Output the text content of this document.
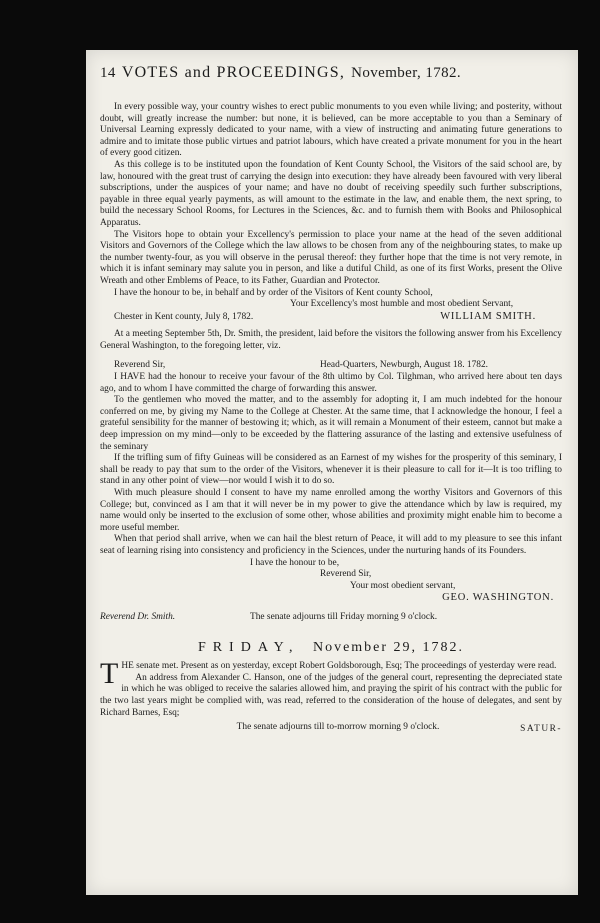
14 VOTES and PROCEEDINGS, November, 1782.

In every possible way, your country wishes to erect public monuments to you even while living; and posterity, without doubt, will greatly increase the number: but none, it is believed, can be more acceptable to you than a Seminary of Universal Learning expressly dedicated to your name, with a view of instructing and animating future generations to admire and to imitate those public virtues and patriot labours, which have created a private monument for you in the heart of every good citizen.

As this college is to be instituted upon the foundation of Kent County School, the Visitors of the said school are, by law, honoured with the great trust of carrying the design into execution: they have already been favoured with very liberal subscriptions, under the auspices of your name; and have no doubt of receiving speedily such further subscriptions, payable in three equal yearly payments, as will amount to the estimate in the law, and enable them, the next spring, to build the necessary School Rooms, for Lectures in the Sciences, &c. and to furnish them with Books and Philosophical Apparatus.

The Visitors hope to obtain your Excellency's permission to place your name at the head of the seven additional Visitors and Governors of the College which the law allows to be chosen from any of the neighbouring states, to make up the number twenty-four, as you will observe in the perusal thereof: they further hope that the time is not very remote, in which it is infant seminary may salute you in person, and like a dutiful Child, as one of its first Works, present the Olive Wreath and other Emblems of Peace, to its Father, Guardian and Protector.

I have the honour to be, in behalf and by order of the Visitors of Kent county School,

Your Excellency's most humble and most obedient Servant,

Chester in Kent county, July 8, 1782.	WILLIAM SMITH.

At a meeting September 5th, Dr. Smith, the president, laid before the visitors the following answer from his Excellency General Washington, to the foregoing letter, viz.

Head-Quarters, Newburgh, August 18. 1782.

Reverend Sir,

I HAVE had the honour to receive your favour of the 8th ultimo by Col. Tilghman, who arrived here about ten days ago, and to whom I have committed the charge of forwarding this answer.

To the gentlemen who moved the matter, and to the assembly for adopting it, I am much indebted for the honour conferred on me, by giving my Name to the College at Chester. At the same time, that I acknowledge the honour, I feel a grateful sensibility for the manner of bestowing it; which, as it will remain a Monument of their esteem, cannot but make a deep impression on my mind—only to be exceeded by the flattering assurance of the lasting and extensive usefulness of the seminary

If the trifling sum of fifty Guineas will be considered as an Earnest of my wishes for the prosperity of this seminary, I shall be ready to pay that sum to the order of the Visitors, whenever it is their pleasure to call for it—It is too trifling to stand in any other point of view—nor would I wish it to do so.

With much pleasure should I consent to have my name enrolled among the worthy Visitors and Governors of this College; but, convinced as I am that it will never be in my power to give the attendance which by law is required, my name would only be inserted to the exclusion of some other, whose abilities and proximity might enable him to become a more useful member.

When that period shall arrive, when we can hail the blest return of Peace, it will add to my pleasure to see this infant seat of learning rising into consistency and proficiency in the Sciences, under the nurturing hands of its Founders.

I have the honour to be,

Reverend Sir,

Your most obedient servant,

GEO. WASHINGTON.
Reverend Dr. Smith.	The senate adjourns till Friday morning 9 o'clock.
FRIDAY, November 29, 1782.

THE senate met. Present as on yesterday, except Robert Goldsborough, Esq; The proceedings of yesterday were read.

An address from Alexander C. Hanson, one of the judges of the general court, representing the depreciated state in which he was obliged to receive the salaries allowed him, and praying the spirit of his contract with the public for the two last years might be complied with, was read, referred to the consideration of the house of delegates, and sent by Richard Barnes, Esq;

The senate adjourns till to-morrow morning 9 o'clock.	SATUR-
